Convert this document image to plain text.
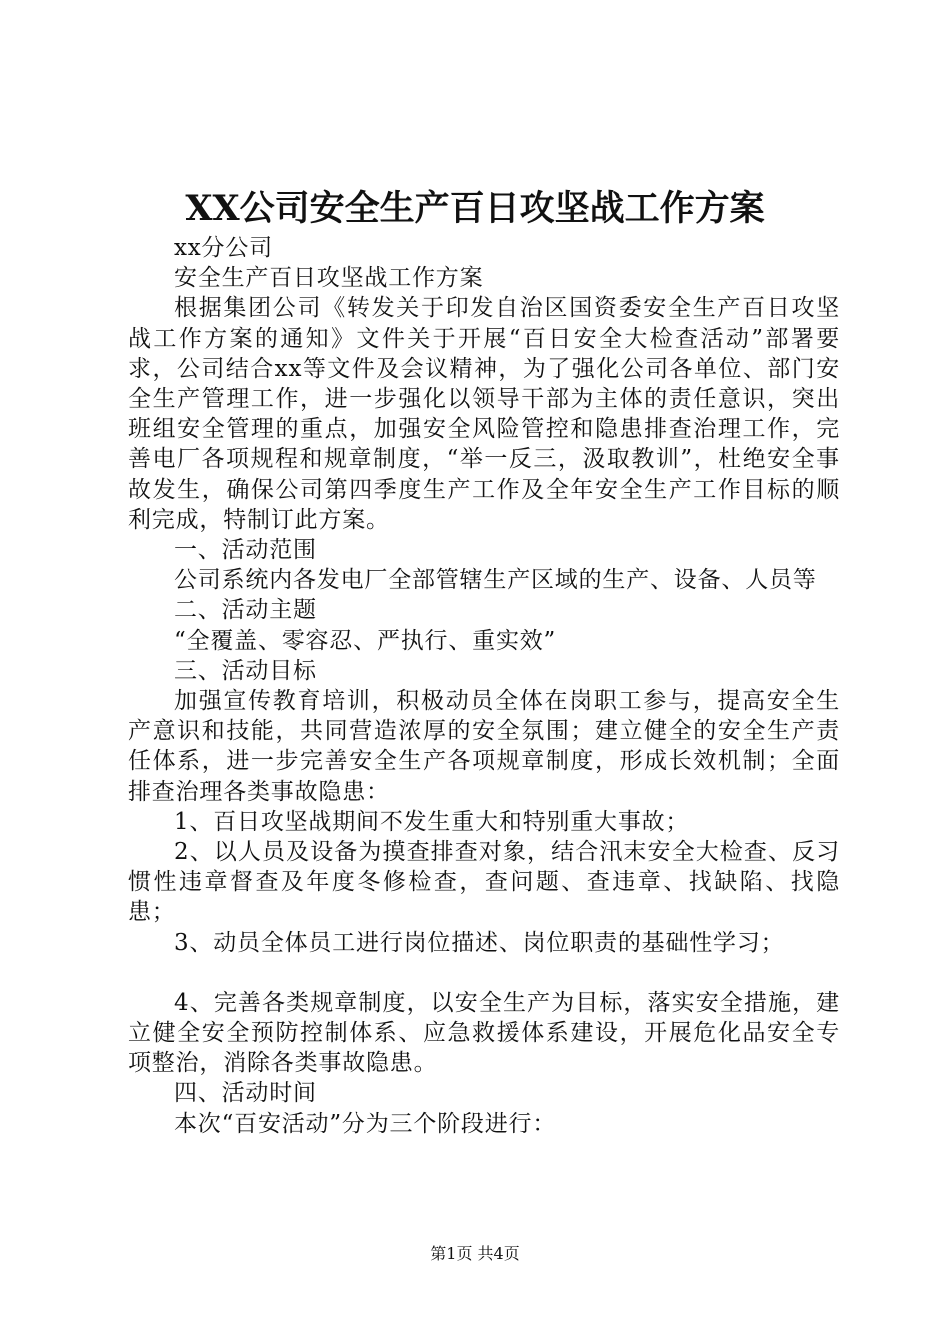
XX公司安全生产百日攻坚战工作方案

xx分公司

安全生产百日攻坚战工作方案

根据集团公司《转发关于印发自治区国资委安全生产百日攻坚战工作方案的通知》文件关于开展“百日安全大检查活动”部署要求，公司结合xx等文件及会议精神，为了强化公司各单位、部门安全生产管理工作，进一步强化以领导干部为主体的责任意识，突出班组安全管理的重点，加强安全风险管控和隐患排查治理工作，完善电厂各项规程和规章制度，“举一反三，汲取教训”，杜绝安全事故发生，确保公司第四季度生产工作及全年安全生产工作目标的顺利完成，特制订此方案。

一、活动范围

公司系统内各发电厂全部管辖生产区域的生产、设备、人员等

二、活动主题

“全覆盖、零容忍、严执行、重实效”

三、活动目标

加强宣传教育培训，积极动员全体在岗职工参与，提高安全生产意识和技能，共同营造浓厚的安全氛围；建立健全的安全生产责任体系，进一步完善安全生产各项规章制度，形成长效机制；全面排查治理各类事故隐患：

1、百日攻坚战期间不发生重大和特别重大事故；

2、以人员及设备为摸查排查对象，结合汛末安全大检查、反习惯性违章督查及年度冬修检查，查问题、查违章、找缺陷、找隐患；

3、动员全体员工进行岗位描述、岗位职责的基础性学习；

4、完善各类规章制度，以安全生产为目标，落实安全措施，建立健全安全预防控制体系、应急救援体系建设，开展危化品安全专项整治，消除各类事故隐患。

四、活动时间

本次“百安活动”分为三个阶段进行：

第1页 共4页
